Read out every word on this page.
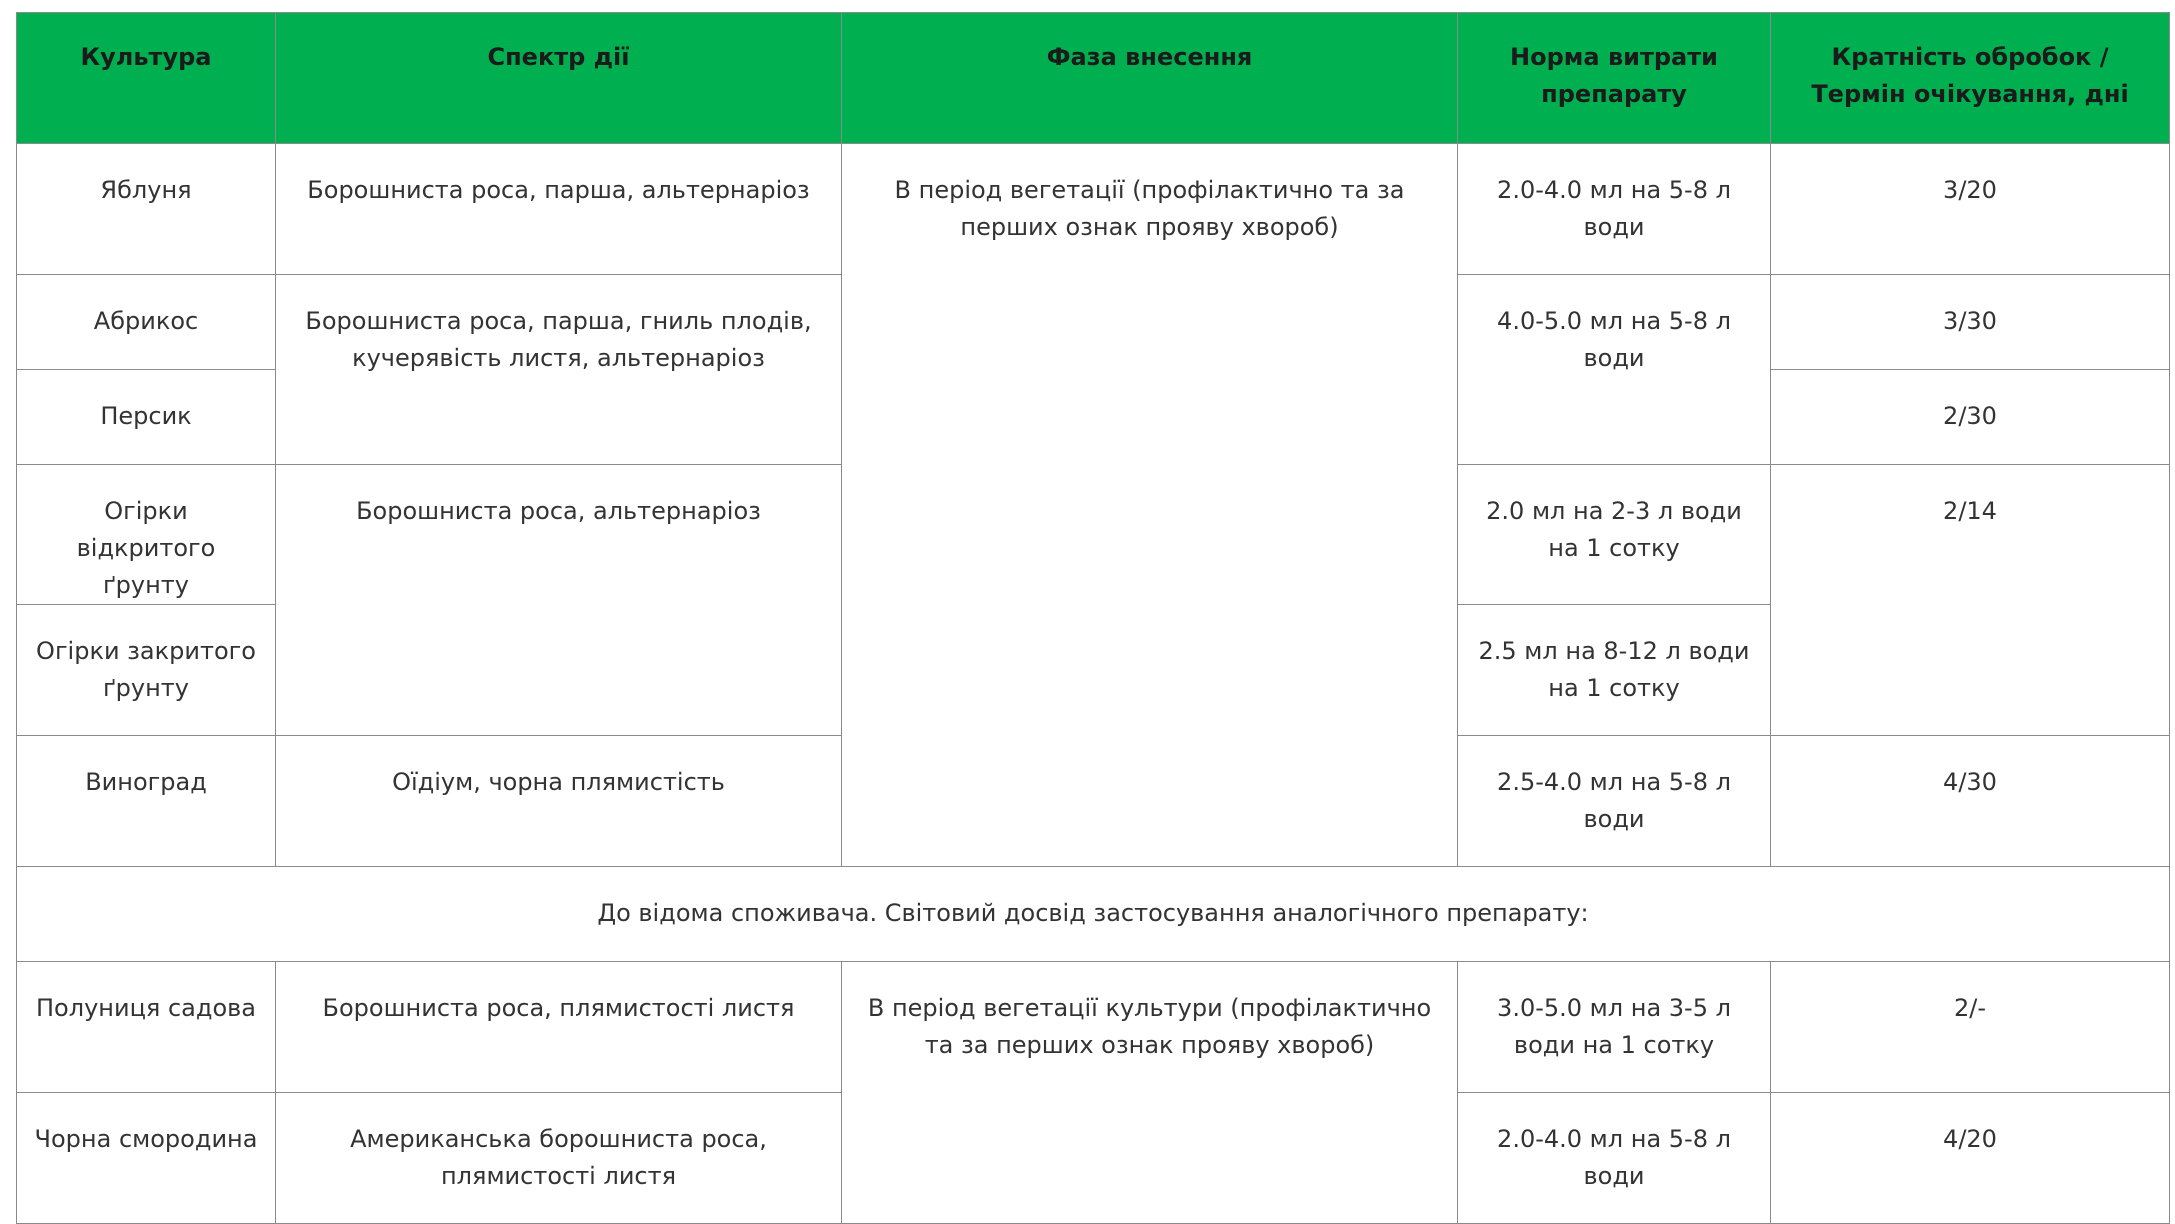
Культура	Спектр дії	Фаза внесення	Норма витрати препарату	Кратність обробок / Термін очікування, дні
Яблуня	Борошниста роса, парша, альтернаріоз	В період вегетації (профілактично та за перших ознак прояву хвороб)	2.0-4.0 мл на 5-8 л води	3/20
Абрикос	Борошниста роса, парша, гниль плодів, кучерявість листя, альтернаріоз		4.0-5.0 мл на 5-8 л води	3/30
Персик				2/30
Огірки відкритого ґрунту	Борошниста роса, альтернаріоз		2.0 мл на 2-3 л води на 1 сотку	2/14
Огірки закритого ґрунту			2.5 мл на 8-12 л води на 1 сотку	
Виноград	Оїдіум, чорна плямистість		2.5-4.0 мл на 5-8 л води	4/30
До відома споживача. Світовий досвід застосування аналогічного препарату:				
Полуниця садова	Борошниста роса, плямистості листя	В період вегетації культури (профілактично та за перших ознак прояву хвороб)	3.0-5.0 мл на 3-5 л води на 1 сотку	2/-
Чорна смородина	Американська борошниста роса, плямистості листя		2.0-4.0 мл на 5-8 л води	4/20
